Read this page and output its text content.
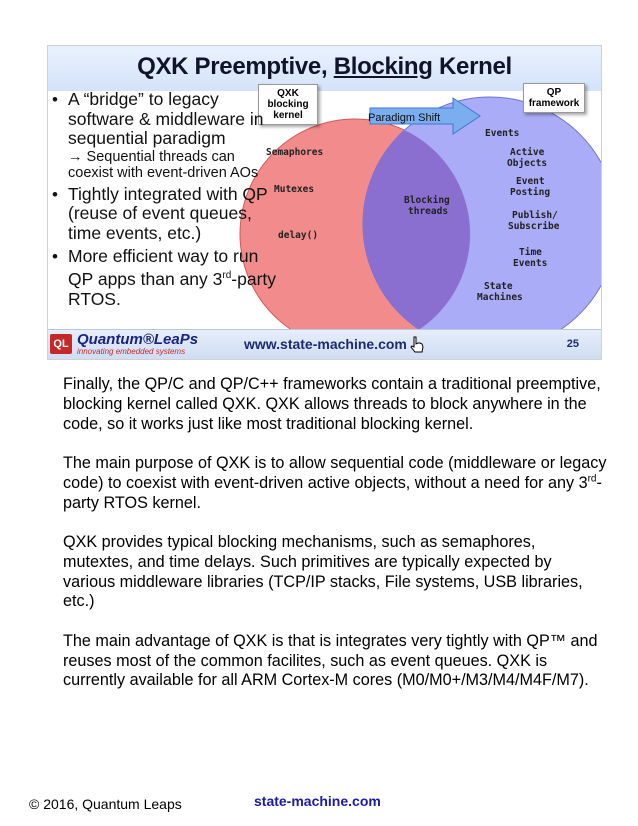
QXK Preemptive, Blocking Kernel
Semaphores
Mutexes
delay()
Blocking
threads
Events
Active
Objects
Event
Posting
Publish/
Subscribe
Time
Events
State
Machines
Paradigm Shift
QXK
blocking
kernel
QP
framework
• A “bridge” to legacy software & middleware in sequential paradigm
→ Sequential threads can coexist with event-driven AOs
• Tightly integrated with QP (reuse of event queues, time events, etc.)
• More efficient way to run QP apps than any 3rd-party RTOS.
QL Quantum®LeaPs
innovating embedded systems	www.state-machine.com	25

Finally, the QP/C and QP/C++ frameworks contain a traditional preemptive, blocking kernel called QXK. QXK allows threads to block anywhere in the code, so it works just like most traditional blocking kernel.

The main purpose of QXK is to allow sequential code (middleware or legacy code) to coexist with event-driven active objects, without a need for any 3rd-party RTOS kernel.

QXK provides typical blocking mechanisms, such as semaphores, mutextes, and time delays. Such primitives are typically expected by various middleware libraries (TCP/IP stacks, File systems, USB libraries, etc.)

The main advantage of QXK is that is integrates very tightly with QP™ and reuses most of the common facilites, such as event queues. QXK is currently available for all ARM Cortex-M cores (M0/M0+/M3/M4/M4F/M7).

© 2016, Quantum Leaps	state-machine.com
